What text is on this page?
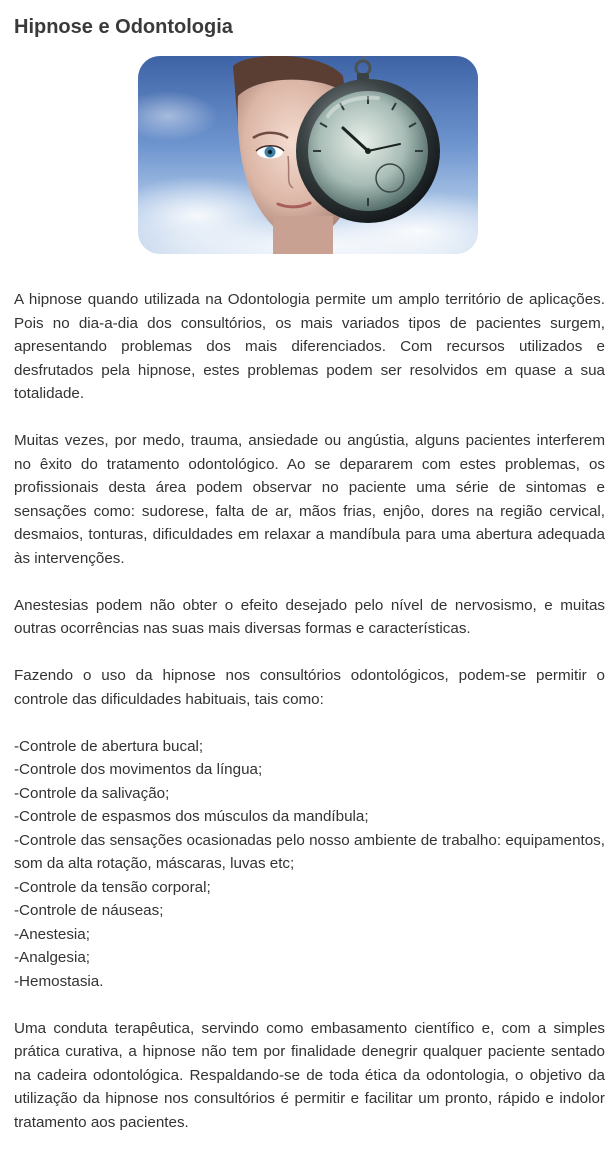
Hipnose e Odontologia

A hipnose quando utilizada na Odontologia permite um amplo território de aplicações. Pois no dia-a-dia dos consultórios, os mais variados tipos de pacientes surgem, apresentando problemas dos mais diferenciados. Com recursos utilizados e desfrutados pela hipnose, estes problemas podem ser resolvidos em quase a sua totalidade.

Muitas vezes, por medo, trauma, ansiedade ou angústia, alguns pacientes interferem no êxito do tratamento odontológico. Ao se depararem com estes problemas, os profissionais desta área podem observar no paciente uma série de sintomas e sensações como: sudorese, falta de ar, mãos frias, enjôo, dores na região cervical, desmaios, tonturas, dificuldades em relaxar a mandíbula para uma abertura adequada às intervenções.

Anestesias podem não obter o efeito desejado pelo nível de nervosismo, e muitas outras ocorrências nas suas mais diversas formas e características.

Fazendo o uso da hipnose nos consultórios odontológicos, podem-se permitir o controle das dificuldades habituais, tais como:

-Controle de abertura bucal;
-Controle dos movimentos da língua;
-Controle da salivação;
-Controle de espasmos dos músculos da mandíbula;
-Controle das sensações ocasionadas pelo nosso ambiente de trabalho: equipamentos, som da alta rotação, máscaras, luvas etc;
-Controle da tensão corporal;
-Controle de náuseas;
-Anestesia;
-Analgesia;
-Hemostasia.

Uma conduta terapêutica, servindo como embasamento científico e, com a simples prática curativa, a hipnose não tem por finalidade denegrir qualquer paciente sentado na cadeira odontológica. Respaldando-se de toda ética da odontologia, o objetivo da utilização da hipnose nos consultórios é permitir e facilitar um pronto, rápido e indolor tratamento aos pacientes.
